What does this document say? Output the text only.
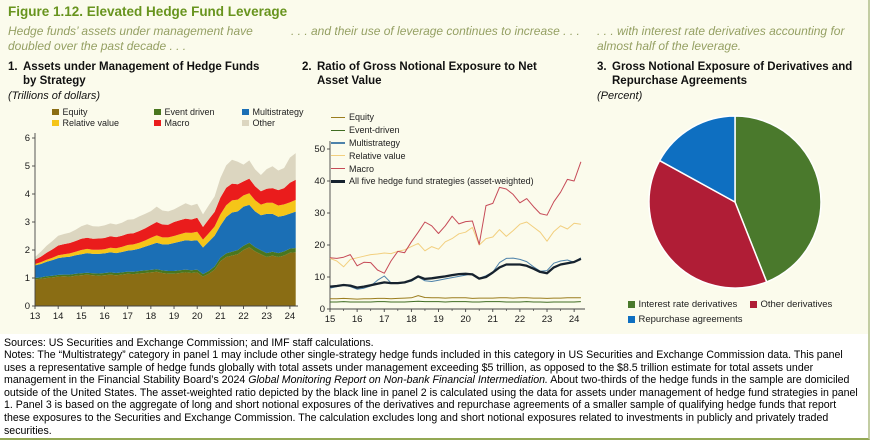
Figure 1.12. Elevated Hedge Fund Leverage
Hedge funds’ assets under management have doubled over the past decade . . .
. . . and their use of leverage continues to increase . . . . . . with interest rate derivatives accounting for almost half of the leverage.
1. Assets under Management of Hedge Funds by Strategy
(Trillions of dollars)
2. Ratio of Gross Notional Exposure to Net Asset Value
3. Gross Notional Exposure of Derivatives and Repurchase Agreements
(Percent)
Equity	Event driven	Multistrategy
Relative value	Macro	Other
0
1
2
3
4
5
6
13 14 15 16 17 18 19 20 21 22 23 24
0
10
20
30
40
50
15 16 17 18 19 20 21 22 23 24
Equity
Event-driven
Multistrategy
Relative value
Macro
All five hedge fund strategies (asset-weighted)
Interest rate derivatives Other derivatives
Repurchase agreements
Sources: US Securities and Exchange Commission; and IMF staff calculations.
Notes: The “Multistrategy” category in panel 1 may include other single-strategy hedge funds included in this category in US Securities and Exchange Commission data. This panel uses a representative sample of hedge funds globally with total assets under management exceeding $5 trillion, as opposed to the $8.5 trillion estimate for total assets under management in the Financial Stability Board’s 2024 Global Monitoring Report on Non-bank Financial Intermediation. About two-thirds of the hedge funds in the sample are domiciled outside of the United States. The asset-weighted ratio depicted by the black line in panel 2 is calculated using the data for assets under management of hedge fund strategies in panel 1. Panel 3 is based on the aggregate of long and short notional exposures of the derivatives and repurchase agreements of a smaller sample of qualifying hedge funds that report these exposures to the Securities and Exchange Commission. The calculation excludes long and short notional exposures related to investments in publicly and privately traded securities.
